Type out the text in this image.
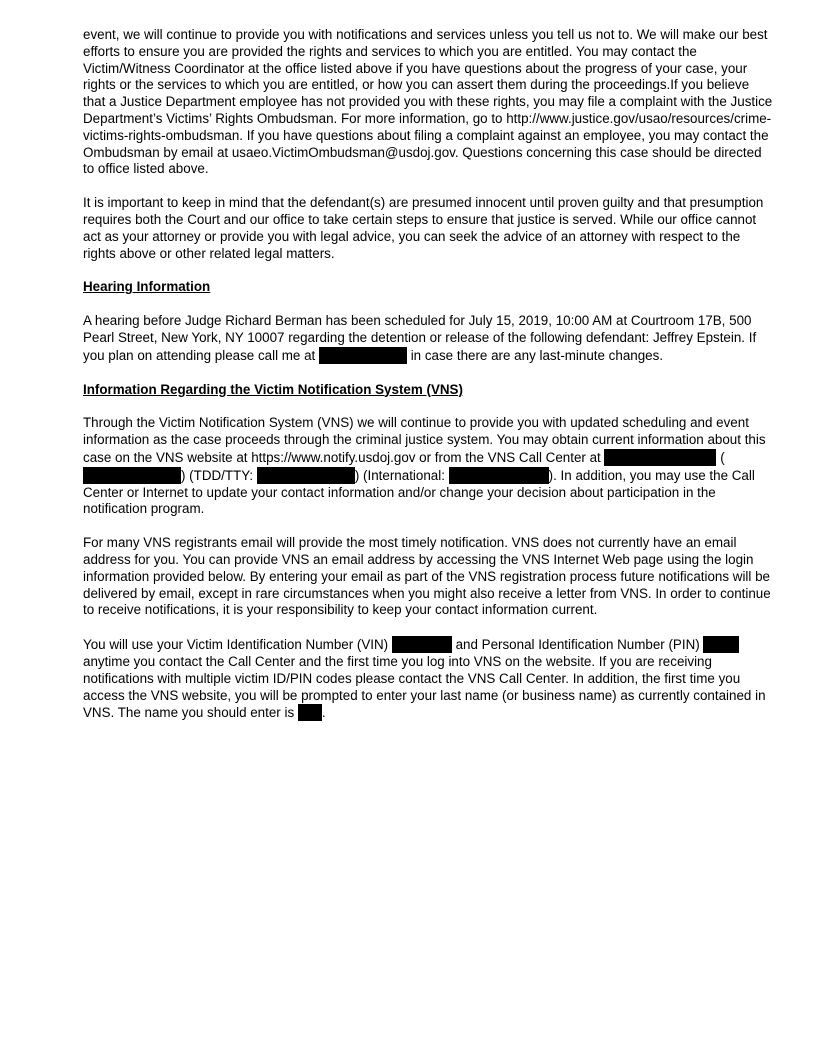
event, we will continue to provide you with notifications and services unless you tell us not to. We will make our best efforts to ensure you are provided the rights and services to which you are entitled. You may contact the Victim/Witness Coordinator at the office listed above if you have questions about the progress of your case, your rights or the services to which you are entitled, or how you can assert them during the proceedings.If you believe that a Justice Department employee has not provided you with these rights, you may file a complaint with the Justice Department’s Victims’ Rights Ombudsman. For more information, go to http://www.justice.gov/usao/resources/crime-victims-rights-ombudsman. If you have questions about filing a complaint against an employee, you may contact the Ombudsman by email at usaeo.VictimOmbudsman@usdoj.gov. Questions concerning this case should be directed to office listed above.

It is important to keep in mind that the defendant(s) are presumed innocent until proven guilty and that presumption requires both the Court and our office to take certain steps to ensure that justice is served. While our office cannot act as your attorney or provide you with legal advice, you can seek the advice of an attorney with respect to the rights above or other related legal matters.

Hearing Information

A hearing before Judge Richard Berman has been scheduled for July 15, 2019, 10:00 AM at Courtroom 17B, 500 Pearl Street, New York, NY 10007 regarding the detention or release of the following defendant: Jeffrey Epstein. If you plan on attending please call me at	in case there are any last-minute changes.

Information Regarding the Victim Notification System (VNS)

Through the Victim Notification System (VNS) we will continue to provide you with updated scheduling and event information as the case proceeds through the criminal justice system. You may obtain current information about this case on the VNS website at https://www.notify.usdoj.gov or from the VNS Call Center at	() (TDD/TTY:	) (International:	). In addition, you may use the Call Center or Internet to update your contact information and/or change your decision about participation in the notification program.

For many VNS registrants email will provide the most timely notification. VNS does not currently have an email address for you. You can provide VNS an email address by accessing the VNS Internet Web page using the login information provided below. By entering your email as part of the VNS registration process future notifications will be delivered by email, except in rare circumstances when you might also receive a letter from VNS. In order to continue to receive notifications, it is your responsibility to keep your contact information current.

You will use your Victim Identification Number (VIN)	and Personal Identification Number (PIN)  anytime you contact the Call Center and the first time you log into VNS on the website. If you are receiving notifications with multiple victim ID/PIN codes please contact the VNS Call Center. In addition, the first time you access the VNS website, you will be prompted to enter your last name (or business name) as currently contained in VNS. The name you should enter is .
